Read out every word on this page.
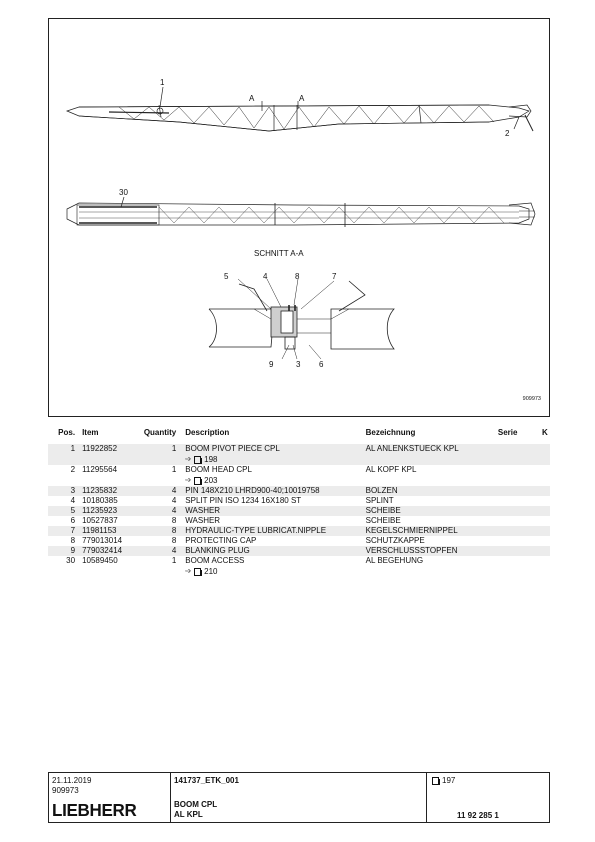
1
A	A
2
30
5	4	8	7
9	3 6
SCHNITT A-A
909973
Pos.	Item	Quantity	Description	Bezeichnung	Serie	K
1	11922852	1	BOOM PIVOT PIECE CPL	AL ANLENKSTUECK KPL		

			➩ 198			

2	11295564	1	BOOM HEAD CPL	AL KOPF KPL		

			➩ 203			

3	11235832	4	PIN 148X210 LHRD900-40;10019758	BOLZEN		
4	10180385	4	SPLIT PIN ISO 1234 16X180 ST	SPLINT		
5	11235923	4	WASHER	SCHEIBE		
6	10527837	8	WASHER	SCHEIBE		
7	11981153	8	HYDRAULIC-TYPE LUBRICAT.NIPPLE	KEGELSCHMIERNIPPEL		
8	779013014	8	PROTECTING CAP	SCHUTZKAPPE		
9	779032414	4	BLANKING PLUG	VERSCHLUSSSTOPFEN		
30	10589450	1	BOOM ACCESS	AL BEGEHUNG		

			➩ 210			

21.11.2019
909973
LIEBHERR
141737_ETK_001
BOOM CPL
AL KPL
197
11 92 285 1
